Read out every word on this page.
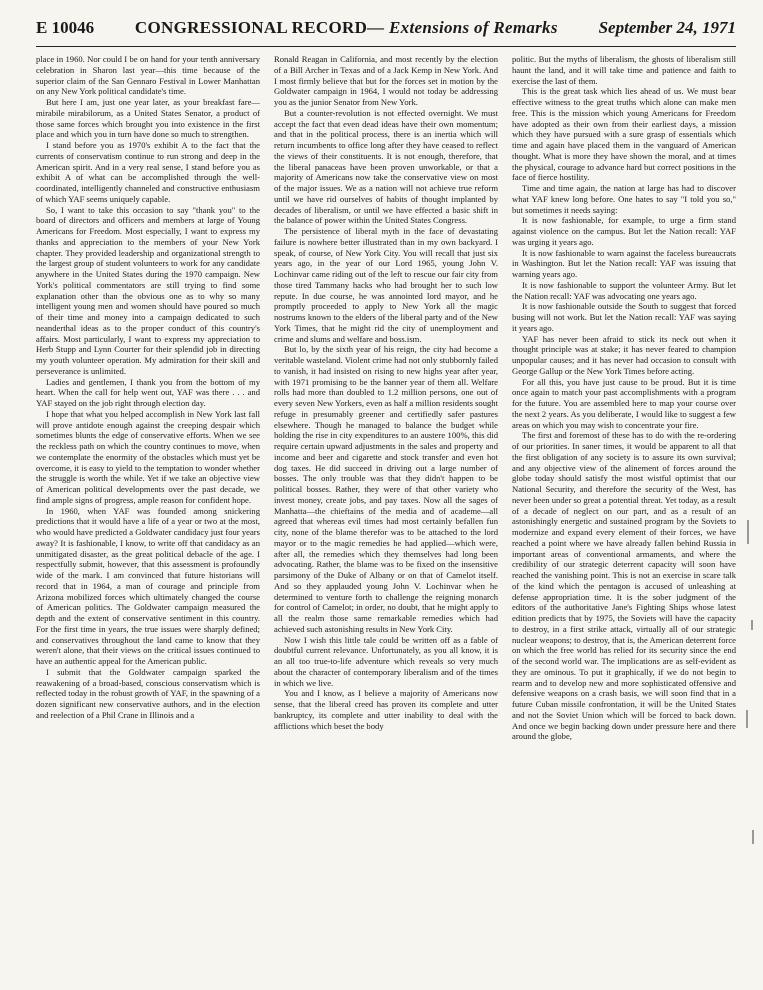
E 10046 CONGRESSIONAL RECORD— Extensions of Remarks September 24, 1971

place in 1960. Nor could I be on hand for your tenth anniversary celebration in Sharon last year—this time because of the superior claim of the San Gennaro Festival in Lower Manhattan on any New York political candidate's time.

But here I am, just one year later, as your breakfast fare—mirabile mirabilorum, as a United States Senator, a product of those same forces which brought you into existence in the first place and which you in turn have done so much to strengthen.

I stand before you as 1970's exhibit A to the fact that the currents of conservatism continue to run strong and deep in the American spirit. And in a very real sense, I stand before you as exhibit A of what can be accomplished through the well-coordinated, intelligently channeled and constructive enthusiasm of which YAF seems uniquely capable.

So, I want to take this occasion to say "thank you" to the board of directors and officers and members at large of Young Americans for Freedom. Most especially, I want to express my thanks and appreciation to the members of your New York chapter. They provided leadership and organizational strength to the largest group of student volunteers to work for any candidate anywhere in the United States during the 1970 campaign. New York's political commentators are still trying to find some explanation other than the obvious one as to why so many intelligent young men and women should have poured so much of their time and money into a campaign dedicated to such neanderthal ideas as to the proper conduct of this country's affairs. Most particularly, I want to express my appreciation to Herb Stupp and Lynn Courter for their splendid job in directing my youth volunteer operation. My admiration for their skill and perseverance is unlimited.

Ladies and gentlemen, I thank you from the bottom of my heart. When the call for help went out, YAF was there . . . and YAF stayed on the job right through election day.

I hope that what you helped accomplish in New York last fall will prove antidote enough against the creeping despair which sometimes blunts the edge of conservative efforts. When we see the reckless path on which the country continues to move, when we contemplate the enormity of the obstacles which must yet be overcome, it is easy to yield to the temptation to wonder whether the struggle is worth the while. Yet if we take an objective view of American political developments over the past decade, we find ample signs of progress, ample reason for confident hope.

In 1960, when YAF was founded among snickering predictions that it would have a life of a year or two at the most, who would have predicted a Goldwater candidacy just four years away? It is fashionable, I know, to write off that candidacy as an unmitigated disaster, as the great political debacle of the age. I respectfully submit, however, that this assessment is profoundly wide of the mark. I am convinced that future historians will record that in 1964, a man of courage and principle from Arizona mobilized forces which ultimately changed the course of American politics. The Goldwater campaign measured the depth and the extent of conservative sentiment in this country. For the first time in years, the true issues were sharply defined; and conservatives throughout the land came to know that they weren't alone, that their views on the critical issues continued to have an authentic appeal for the American public.

I submit that the Goldwater campaign sparked the reawakening of a broad-based, conscious conservatism which is reflected today in the robust growth of YAF, in the spawning of a dozen significant new conservative authors, and in the election and reelection of a Phil Crane in Illinois and a

Ronald Reagan in California, and most recently by the election of a Bill Archer in Texas and of a Jack Kemp in New York. And I most firmly believe that but for the forces set in motion by the Goldwater campaign in 1964, I would not today be addressing you as the junior Senator from New York.

But a counter-revolution is not effected overnight. We must accept the fact that even dead ideas have their own momentum; and that in the political process, there is an inertia which will return incumbents to office long after they have ceased to reflect the views of their constituents. It is not enough, therefore, that the liberal panaceas have been proven unworkable, or that a majority of Americans now take the conservative view on most of the major issues. We as a nation will not achieve true reform until we have rid ourselves of habits of thought implanted by decades of liberalism, or until we have effected a basic shift in the balance of power within the United States Congress.

The persistence of liberal myth in the face of devastating failure is nowhere better illustrated than in my own backyard. I speak, of course, of New York City. You will recall that just six years ago, in the year of our Lord 1965, young John V. Lochinvar came riding out of the left to rescue our fair city from those tired Tammany hacks who had brought her to such low repute. In due course, he was annointed lord mayor, and he promptly proceeded to apply to New York all the magic nostrums known to the elders of the liberal party and of the New York Times, that he might rid the city of unemployment and crime and slums and welfare and boss.ism.

But lo, by the sixth year of his reign, the city had become a veritable wasteland. Violent crime had not only stubbornly failed to vanish, it had insisted on rising to new highs year after year, with 1971 promising to be the banner year of them all. Welfare rolls had more than doubled to 1.2 million persons, one out of every seven New Yorkers, even as half a million residents sought refuge in presumably greener and certifiedly safer pastures elsewhere. Though he managed to balance the budget while holding the rise in city expenditures to an austere 100%, this did require certain upward adjustments in the sales and property and income and beer and cigarette and stock transfer and even hot dog taxes. He did succeed in driving out a large number of bosses. The only trouble was that they didn't happen to be political bosses. Rather, they were of that other variety who invest money, create jobs, and pay taxes. Now all the sages of Manhatta—the chieftains of the media and of academe—all agreed that whereas evil times had most certainly befallen fun city, none of the blame therefor was to be attached to the lord mayor or to the magic remedies he had applied—which were, after all, the remedies which they themselves had long been advocating. Rather, the blame was to be fixed on the insensitive parsimony of the Duke of Albany or on that of Camelot itself. And so they applauded young John V. Lochinvar when he determined to venture forth to challenge the reigning monarch for control of Camelot; in order, no doubt, that he might apply to all the realm those same remarkable remedies which had achieved such astonishing results in New York City.

Now I wish this little tale could be written off as a fable of doubtful current relevance. Unfortunately, as you all know, it is an all too true-to-life adventure which reveals so very much about the character of contemporary liberalism and of the times in which we live.

You and I know, as I believe a majority of Americans now sense, that the liberal creed has proven its complete and utter bankruptcy, its complete and utter inability to deal with the afflictions which beset the body

politic. But the myths of liberalism, the ghosts of liberalism still haunt the land, and it will take time and patience and faith to exercise the last of them.

This is the great task which lies ahead of us. We must bear effective witness to the great truths which alone can make men free. This is the mission which young Americans for Freedom have adopted as their own from their earliest days, a mission which they have pursued with a sure grasp of essentials which time and again have placed them in the vanguard of American thought. What is more they have shown the moral, and at times the physical, courage to advance hard but correct positions in the face of fierce hostility.

Time and time again, the nation at large has had to discover what YAF knew long before. One hates to say "I told you so," but sometimes it needs saying:

It is now fashionable, for example, to urge a firm stand against violence on the campus. But let the Nation recall: YAF was urging it years ago.

It is now fashionable to warn against the faceless bureaucrats in Washington. But let the Nation recall: YAF was issuing that warning years ago.

It is now fashionable to support the volunteer Army. But let the Nation recall: YAF was advocating one years ago.

It is now fashionable outside the South to suggest that forced busing will not work. But let the Nation recall: YAF was saying it years ago.

YAF has never been afraid to stick its neck out when it thought principle was at stake; it has never feared to champion unpopular causes; and it has never had occasion to consult with George Gallup or the New York Times before acting.

For all this, you have just cause to be proud. But it is time once again to match your past accomplishments with a program for the future. You are assembled here to map your course over the next 2 years. As you deliberate, I would like to suggest a few areas on which you may wish to concentrate your fire.

The first and foremost of these has to do with the re-ordering of our priorities. In saner times, it would be apparent to all that the first obligation of any society is to assure its own survival; and any objective view of the alinement of forces around the globe today should satisfy the most wistful optimist that our National Security, and therefore the security of the West, has never been under so great a potential threat. Yet today, as a result of a decade of neglect on our part, and as a result of an astonishingly energetic and sustained program by the Soviets to modernize and expand every element of their forces, we have reached a point where we have already fallen behind Russia in important areas of conventional armaments, and where the credibility of our strategic deterrent capacity will soon have reached the vanishing point. This is not an exercise in scare talk of the kind which the pentagon is accused of unleashing at defense appropriation time. It is the sober judgment of the editors of the authoritative Jane's Fighting Ships whose latest edition predicts that by 1975, the Soviets will have the capacity to destroy, in a first strike attack, virtually all of our strategic nuclear weapons; to destroy, that is, the American deterrent force on which the free world has relied for its security since the end of the second world war. The implications are as self-evident as they are ominous. To put it graphically, if we do not begin to rearm and to develop new and more sophisticated offensive and defensive weapons on a crash basis, we will soon find that in a future Cuban missile confrontation, it will be the United States and not the Soviet Union which will be forced to back down. And once we begin backing down under pressure here and there around the globe,
